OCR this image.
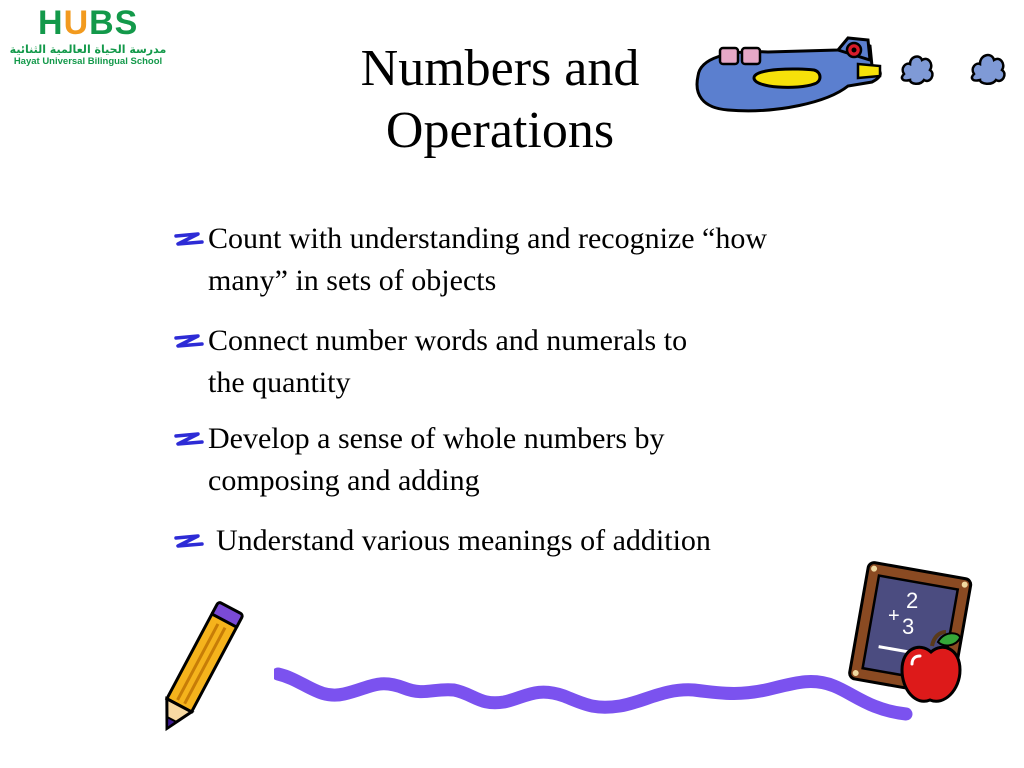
HUBS
مدرسة الحياة العالمية الثنائية
Hayat Universal Bilingual School	Numbers and
Operations
Count with understanding and recognize “how
many” in sets of objects
Connect number words and numerals to
the quantity
Develop a sense of whole numbers by
composing and adding
Understand various meanings of addition
2
+ 3
